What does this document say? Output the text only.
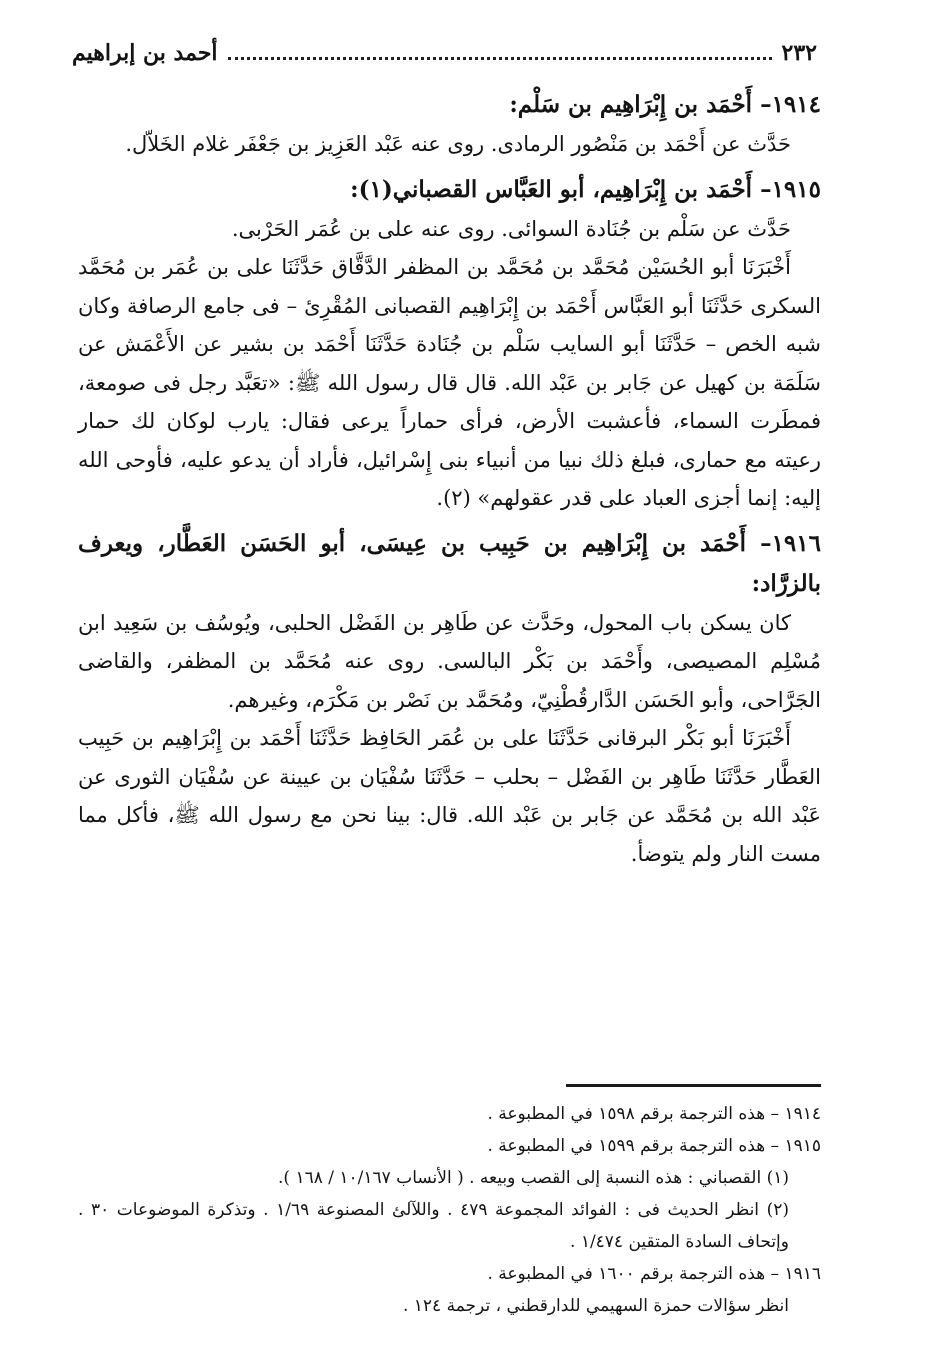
٢٣٢
أحمد بن إبراهيم
١٩١٤– أَحْمَد بن إِبْرَاهِيم بن سَلْم:

حَدَّث عن أَحْمَد بن مَنْصُور الرمادى. روى عنه عَبْد العَزِيز بن جَعْفَر غلام الخَلاّل.

١٩١٥– أَحْمَد بن إِبْرَاهِيم، أبو العَبَّاس القصباني(١):

حَدَّث عن سَلْم بن جُنَادة السوائى. روى عنه على بن عُمَر الحَرْبى.

أَخْبَرَنَا أبو الحُسَيْن مُحَمَّد بن مُحَمَّد بن المظفر الدَّقَّاق حَدَّثَنَا على بن عُمَر بن مُحَمَّد السكرى حَدَّثَنَا أبو العَبَّاس أَحْمَد بن إِبْرَاهِيم القصبانى المُقْرِئ – فى جامع الرصافة وكان شبه الخص – حَدَّثَنَا أبو السايب سَلْم بن جُنَادة حَدَّثَنَا أَحْمَد بن بشير عن الأَعْمَش عن سَلَمَة بن كهيل عن جَابر بن عَبْد الله. قال قال رسول الله ﷺ: «تعَبَّد رجل فى صومعة، فمطَرت السماء، فأعشبت الأرض، فرأى حماراً يرعى فقال: يارب لوكان لك حمار رعيته مع حمارى، فبلغ ذلك نبيا من أنبياء بنى إِسْرائيل، فأراد أن يدعو عليه، فأوحى الله إليه: إنما أجزى العباد على قدر عقولهم» (٢).

١٩١٦– أَحْمَد بن إِبْرَاهِيم بن حَبِيب بن عِيسَى، أبو الحَسَن العَطَّار، ويعرف بالزرَّاد:

كان يسكن باب المحول، وحَدَّث عن طَاهِر بن الفَضْل الحلبى، ويُوسُف بن سَعِيد ابن مُسْلِم المصيصى، وأَحْمَد بن بَكْر البالسى. روى عنه مُحَمَّد بن المظفر، والقاضى الجَرَّاحى، وأبو الحَسَن الدَّارقُطْنِيّ، ومُحَمَّد بن نَصْر بن مَكْرَم، وغيرهم.

أَخْبَرَنَا أبو بَكْر البرقانى حَدَّثَنَا على بن عُمَر الحَافِظ حَدَّثَنَا أَحْمَد بن إِبْرَاهِيم بن حَبِيب العَطَّار حَدَّثَنَا طَاهِر بن الفَضْل – بحلب – حَدَّثَنَا سُفْيَان بن عيينة عن سُفْيَان الثورى عن عَبْد الله بن مُحَمَّد عن جَابر بن عَبْد الله. قال: بينا نحن مع رسول الله ﷺ، فأكل مما مست النار ولم يتوضأ.

١٩١٤ – هذه الترجمة برقم ١٥٩٨ في المطبوعة .
١٩١٥ – هذه الترجمة برقم ١٥٩٩ في المطبوعة .
(١) القصباني : هذه النسبة إلى القصب وبيعه . ( الأنساب ١٠/١٦٧ / ١٦٨ ).
(٢) انظر الحديث فى : الفوائد المجموعة ٤٧٩ . واللآلئ المصنوعة ١/٦٩ . وتذكرة الموضوعات ٣٠ . وإتحاف السادة المتقين ١/٤٧٤ .
١٩١٦ – هذه الترجمة برقم ١٦٠٠ في المطبوعة .
انظر سؤالات حمزة السهيمي للدارقطني ، ترجمة ١٢٤ .
